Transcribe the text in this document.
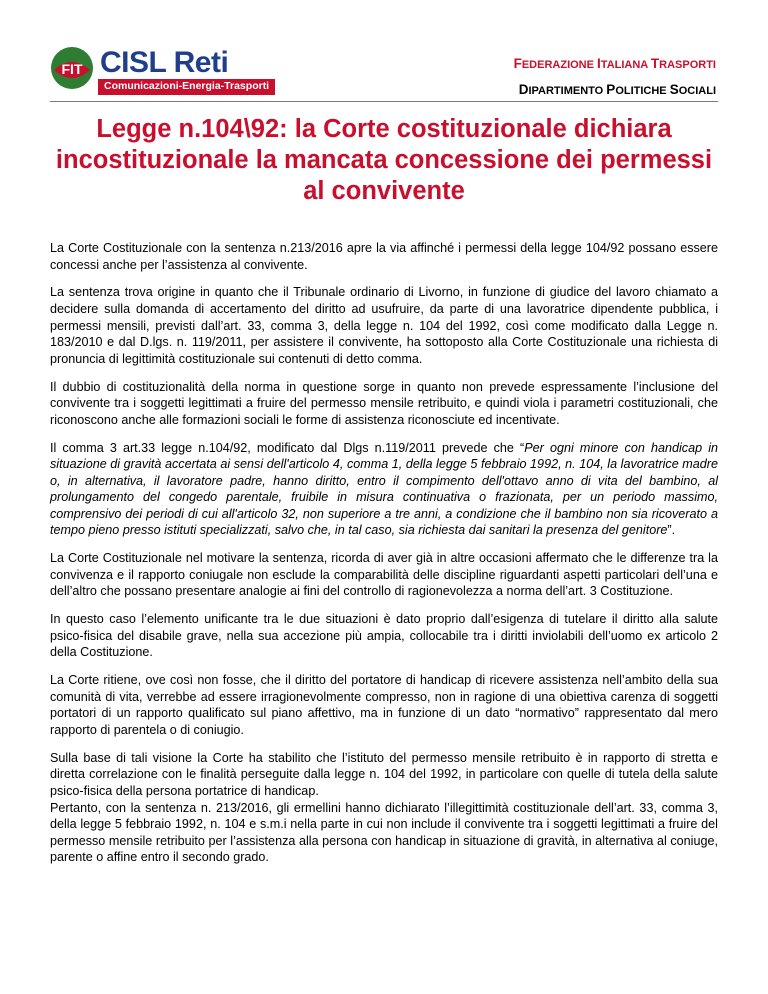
FIT CISL Reti
Comunicazioni-Energia-Trasporti
FEDERAZIONE ITALIANA TRASPORTI
DIPARTIMENTO POLITICHE SOCIALI
Legge n.104\92: la Corte costituzionale dichiara incostituzionale la mancata concessione dei permessi al convivente

La Corte Costituzionale con la sentenza n.213/2016 apre la via affinché i permessi della legge 104/92 possano essere concessi anche per l’assistenza al convivente.

La sentenza trova origine in quanto che il Tribunale ordinario di Livorno, in funzione di giudice del lavoro chiamato a decidere sulla domanda di accertamento del diritto ad usufruire, da parte di una lavoratrice dipendente pubblica, i permessi mensili, previsti dall’art. 33, comma 3, della legge n. 104 del 1992, così come modificato dalla Legge n. 183/2010 e dal D.lgs. n. 119/2011, per assistere il convivente, ha sottoposto alla Corte Costituzionale una richiesta di pronuncia di legittimità costituzionale sui contenuti di detto comma.

Il dubbio di costituzionalità della norma in questione sorge in quanto non prevede espressamente l’inclusione del convivente tra i soggetti legittimati a fruire del permesso mensile retribuito, e quindi viola i parametri costituzionali, che riconoscono anche alle formazioni sociali le forme di assistenza riconosciute ed incentivate.

Il comma 3 art.33 legge n.104/92, modificato dal Dlgs n.119/2011 prevede che “Per ogni minore con handicap in situazione di gravità accertata ai sensi dell'articolo 4, comma 1, della legge 5 febbraio 1992, n. 104, la lavoratrice madre o, in alternativa, il lavoratore padre, hanno diritto, entro il compimento dell'ottavo anno di vita del bambino, al prolungamento del congedo parentale, fruibile in misura continuativa o frazionata, per un periodo massimo, comprensivo dei periodi di cui all'articolo 32, non superiore a tre anni, a condizione che il bambino non sia ricoverato a tempo pieno presso istituti specializzati, salvo che, in tal caso, sia richiesta dai sanitari la presenza del genitore”.

La Corte Costituzionale nel motivare la sentenza, ricorda di aver già in altre occasioni affermato che le differenze tra la convivenza e il rapporto coniugale non esclude la comparabilità delle discipline riguardanti aspetti particolari dell’una e dell’altro che possano presentare analogie ai fini del controllo di ragionevolezza a norma dell’art. 3 Costituzione.

In questo caso l’elemento unificante tra le due situazioni è dato proprio dall’esigenza di tutelare il diritto alla salute psico-fisica del disabile grave, nella sua accezione più ampia, collocabile tra i diritti inviolabili dell’uomo ex articolo 2 della Costituzione.

La Corte ritiene, ove così non fosse, che il diritto del portatore di handicap di ricevere assistenza nell’ambito della sua comunità di vita, verrebbe ad essere irragionevolmente compresso, non in ragione di una obiettiva carenza di soggetti portatori di un rapporto qualificato sul piano affettivo, ma in funzione di un dato “normativo” rappresentato dal mero rapporto di parentela o di coniugio.

Sulla base di tali visione la Corte ha stabilito che l’istituto del permesso mensile retribuito è in rapporto di stretta e diretta correlazione con le finalità perseguite dalla legge n. 104 del 1992, in particolare con quelle di tutela della salute psico-fisica della persona portatrice di handicap.

Pertanto, con la sentenza n. 213/2016, gli ermellini hanno dichiarato l’illegittimità costituzionale dell’art. 33, comma 3, della legge 5 febbraio 1992, n. 104 e s.m.i nella parte in cui non include il convivente tra i soggetti legittimati a fruire del permesso mensile retribuito per l’assistenza alla persona con handicap in situazione di gravità, in alternativa al coniuge, parente o affine entro il secondo grado.
